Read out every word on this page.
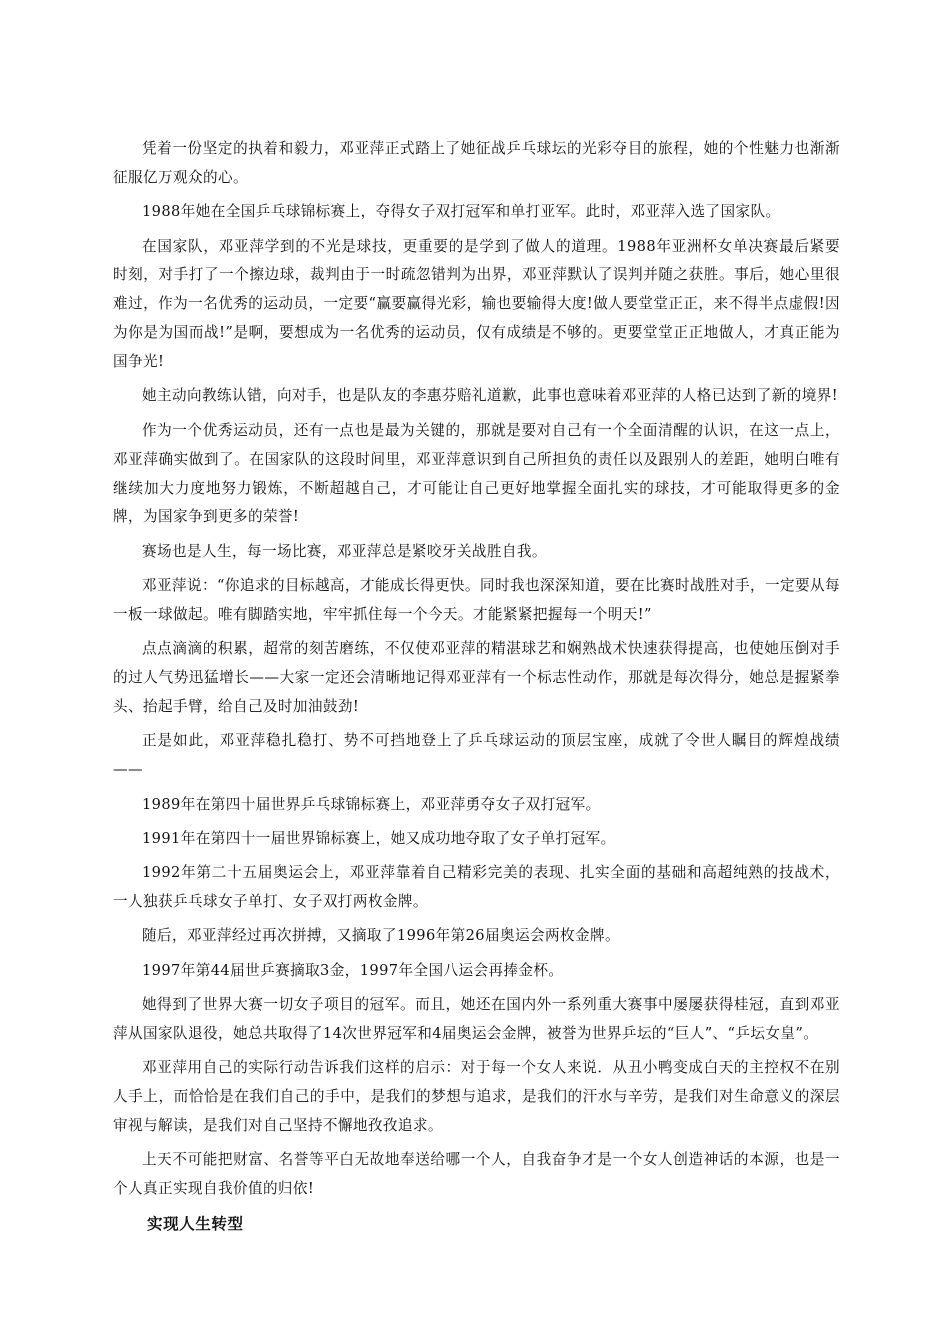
凭着一份坚定的执着和毅力，邓亚萍正式踏上了她征战乒乓球坛的光彩夺目的旅程，她的个性魅力也渐渐征服亿万观众的心。

1988年她在全国乒乓球锦标赛上，夺得女子双打冠军和单打亚军。此时，邓亚萍入选了国家队。

在国家队，邓亚萍学到的不光是球技，更重要的是学到了做人的道理。1988年亚洲杯女单决赛最后紧要时刻，对手打了一个擦边球，裁判由于一时疏忽错判为出界，邓亚萍默认了误判并随之获胜。事后，她心里很难过，作为一名优秀的运动员，一定要“赢要赢得光彩，输也要输得大度!做人要堂堂正正，来不得半点虚假!因为你是为国而战!”是啊，要想成为一名优秀的运动员，仅有成绩是不够的。更要堂堂正正地做人，才真正能为国争光!

她主动向教练认错，向对手，也是队友的李惠芬赔礼道歉，此事也意味着邓亚萍的人格已达到了新的境界!

作为一个优秀运动员，还有一点也是最为关键的，那就是要对自己有一个全面清醒的认识，在这一点上，邓亚萍确实做到了。在国家队的这段时间里，邓亚萍意识到自己所担负的责任以及跟别人的差距，她明白唯有继续加大力度地努力锻炼，不断超越自己，才可能让自己更好地掌握全面扎实的球技，才可能取得更多的金牌，为国家争到更多的荣誉!

赛场也是人生，每一场比赛，邓亚萍总是紧咬牙关战胜自我。

邓亚萍说：“你追求的目标越高，才能成长得更快。同时我也深深知道，要在比赛时战胜对手，一定要从每一板一球做起。唯有脚踏实地，牢牢抓住每一个今天。才能紧紧把握每一个明天!”

点点滴滴的积累，超常的刻苦磨练，不仅使邓亚萍的精湛球艺和娴熟战术快速获得提高，也使她压倒对手的过人气势迅猛增长——大家一定还会清晰地记得邓亚萍有一个标志性动作，那就是每次得分，她总是握紧拳头、抬起手臂，给自己及时加油鼓劲!

正是如此，邓亚萍稳扎稳打、势不可挡地登上了乒乓球运动的顶层宝座，成就了令世人瞩目的辉煌战绩——

1989年在第四十届世界乒乓球锦标赛上，邓亚萍勇夺女子双打冠军。

1991年在第四十一届世界锦标赛上，她又成功地夺取了女子单打冠军。

1992年第二十五届奥运会上，邓亚萍靠着自己精彩完美的表现、扎实全面的基础和高超纯熟的技战术，一人独获乒乓球女子单打、女子双打两枚金牌。

随后，邓亚萍经过再次拼搏，又摘取了1996年第26届奥运会两枚金牌。

1997年第44届世乒赛摘取3金，1997年全国八运会再捧金杯。

她得到了世界大赛一切女子项目的冠军。而且，她还在国内外一系列重大赛事中屡屡获得桂冠，直到邓亚萍从国家队退役，她总共取得了14次世界冠军和4届奥运会金牌，被誉为世界乒坛的“巨人”、“乒坛女皇”。

邓亚萍用自己的实际行动告诉我们这样的启示：对于每一个女人来说．从丑小鸭变成白天的主控权不在别人手上，而恰恰是在我们自己的手中，是我们的梦想与追求，是我们的汗水与辛劳，是我们对生命意义的深层审视与解读，是我们对自己坚持不懈地孜孜追求。

上天不可能把财富、名誉等平白无故地奉送给哪一个人，自我奋争才是一个女人创造神话的本源，也是一个人真正实现自我价值的归依!

实现人生转型
